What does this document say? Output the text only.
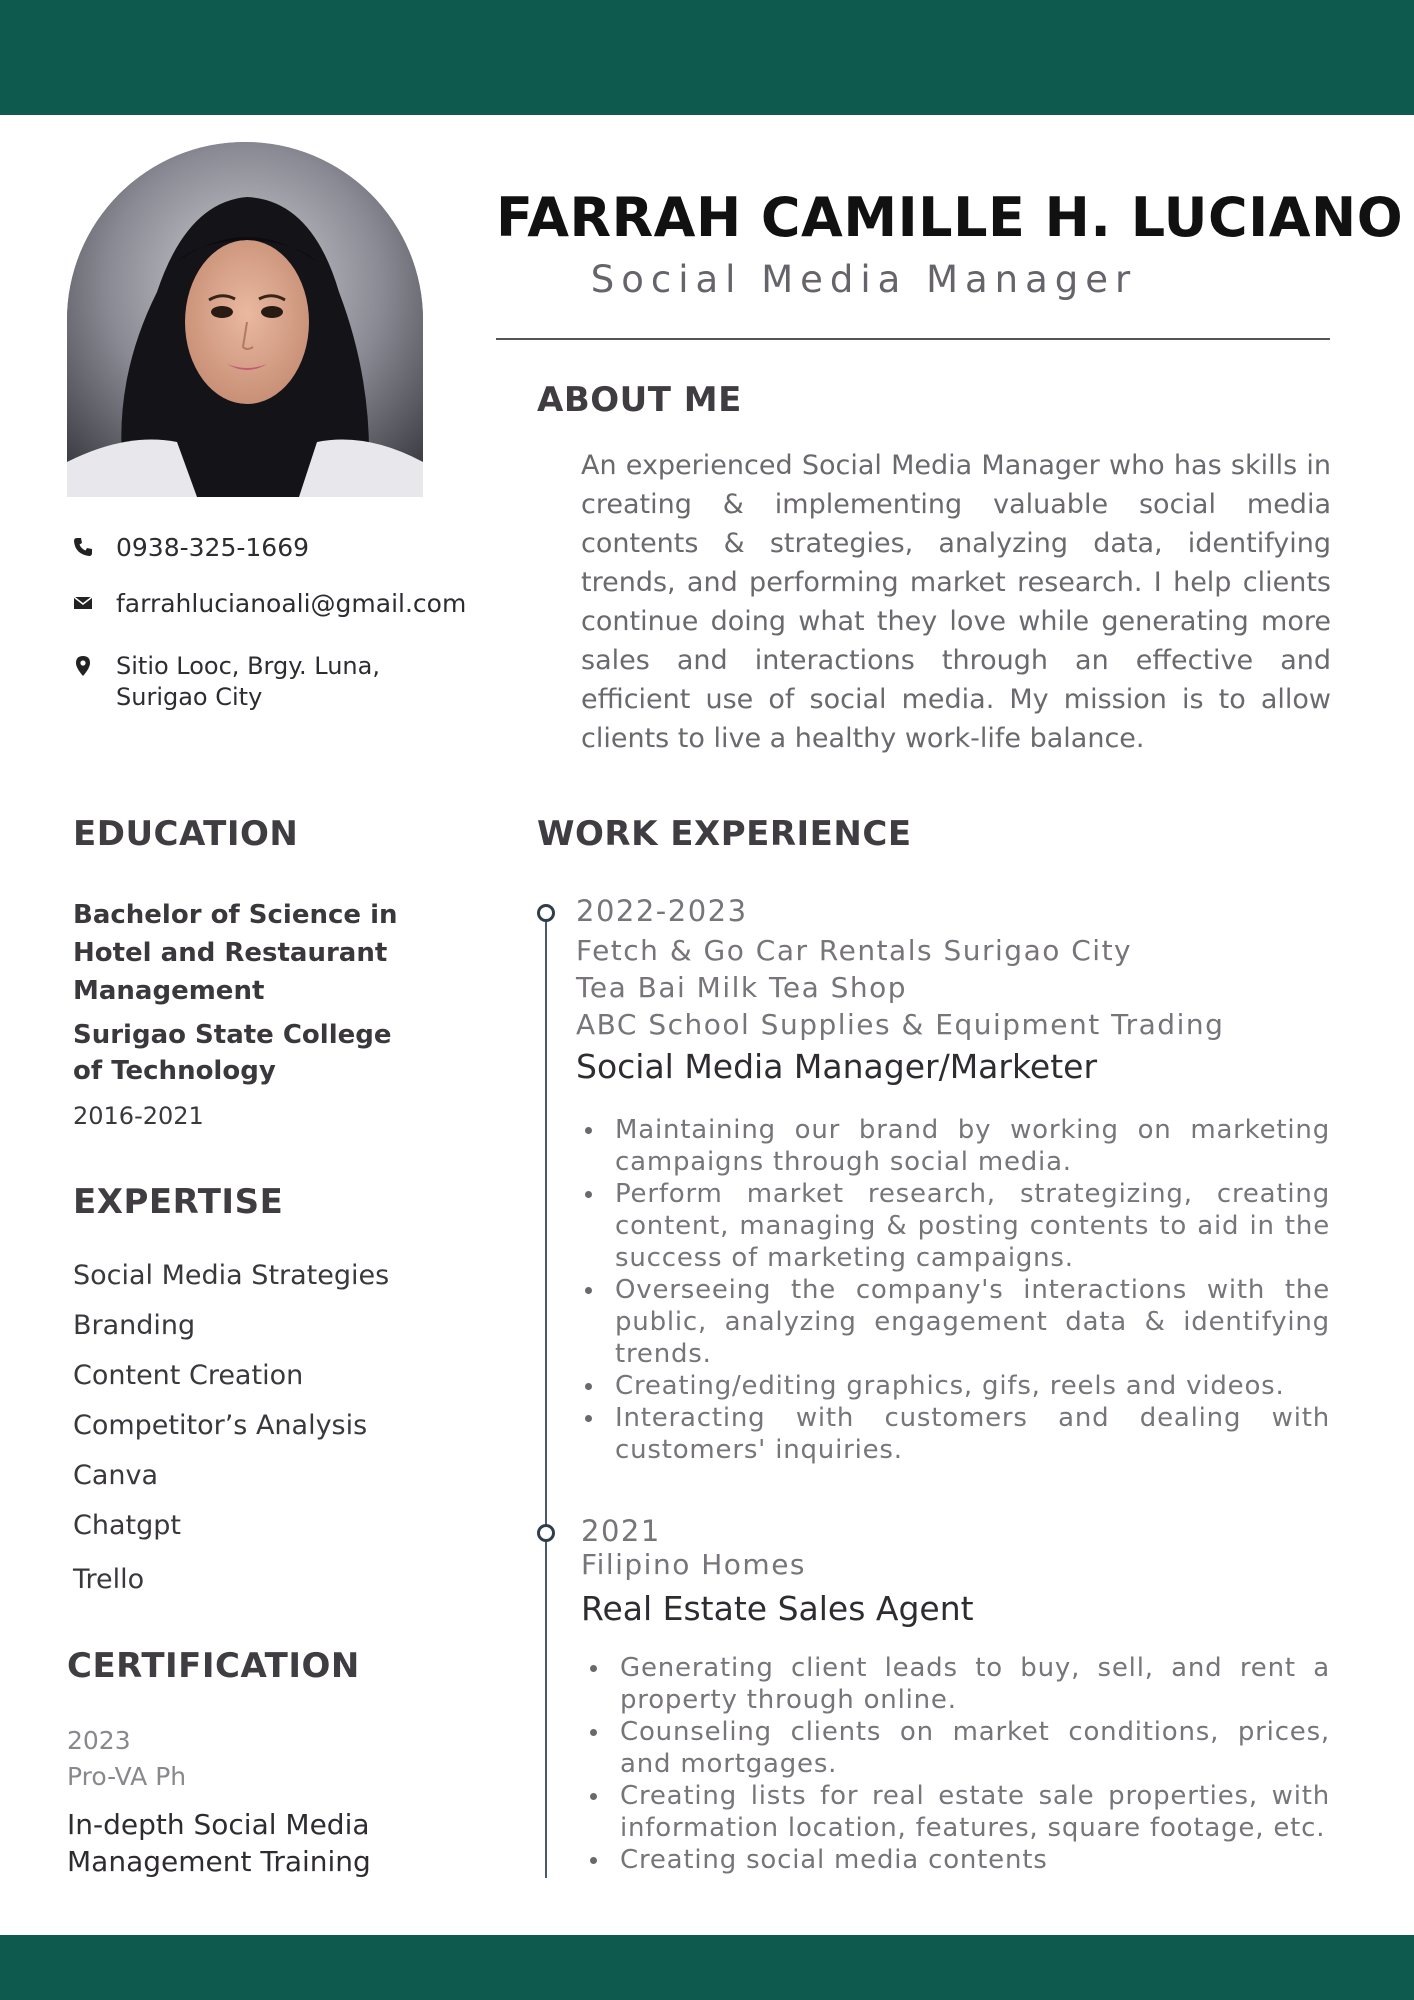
0938-325-1669
farrahlucianoali@gmail.com
Sitio Looc, Brgy. Luna,
Surigao City
EDUCATION
Bachelor of Science in Hotel and Restaurant Management
Surigao State College of Technology
2016-2021
EXPERTISE
Social Media Strategies
Branding
Content Creation
Competitor’s Analysis
Canva
Chatgpt
Trello
CERTIFICATION
2023
Pro-VA Ph
In-depth Social Media Management Training
FARRAH CAMILLE H. LUCIANO
Social Media Manager
ABOUT ME
An experienced Social Media Manager who has skills in creating & implementing valuable social media contents & strategies, analyzing data, identifying trends, and performing market research. I help clients continue doing what they love while generating more sales and interactions through an effective and efficient use of social media. My mission is to allow clients to live a healthy work-life balance.
WORK EXPERIENCE
2022-2023
Fetch & Go Car Rentals Surigao City
Tea Bai Milk Tea Shop
ABC School Supplies & Equipment Trading
Social Media Manager/Marketer
Maintaining our brand by working on marketing campaigns through social media.
Perform market research, strategizing, creating content, managing & posting contents to aid in the success of marketing campaigns.
Overseeing the company's interactions with the public, analyzing engagement data & identifying trends.
Creating/editing graphics, gifs, reels and videos.
Interacting with customers and dealing with customers' inquiries.
2021
Filipino Homes
Real Estate Sales Agent
Generating client leads to buy, sell, and rent a property through online.
Counseling clients on market conditions, prices, and mortgages.
Creating lists for real estate sale properties, with information location, features, square footage, etc.
Creating social media contents
